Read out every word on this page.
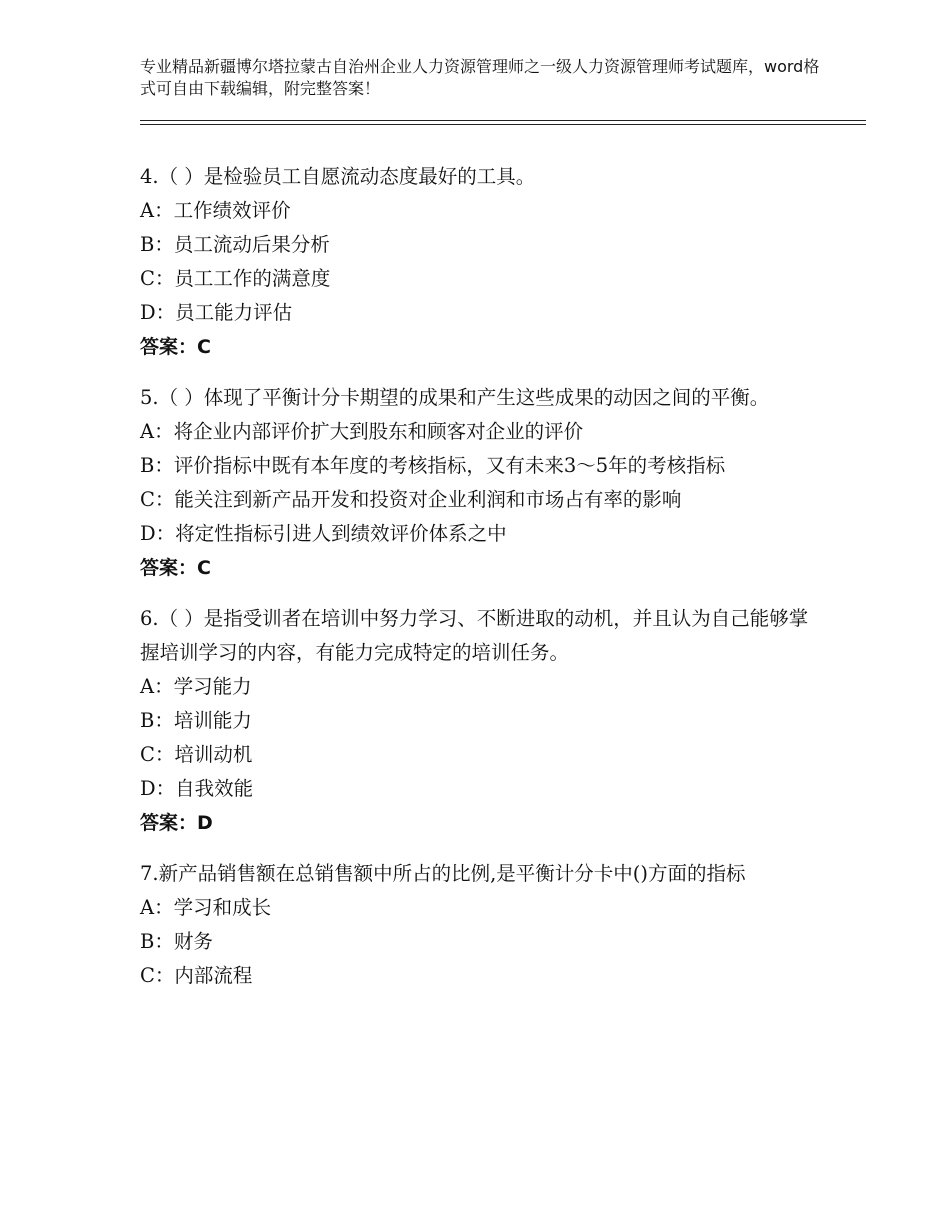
专业精品新疆博尔塔拉蒙古自治州企业人力资源管理师之一级人力资源管理师考试题库，word格式可自由下载编辑，附完整答案！
4.（ ）是检验员工自愿流动态度最好的工具。
A：工作绩效评价
B：员工流动后果分析
C：员工工作的满意度
D：员工能力评估
答案：C
5.（ ）体现了平衡计分卡期望的成果和产生这些成果的动因之间的平衡。
A：将企业内部评价扩大到股东和顾客对企业的评价
B：评价指标中既有本年度的考核指标，又有未来3～5年的考核指标
C：能关注到新产品开发和投资对企业利润和市场占有率的影响
D：将定性指标引进人到绩效评价体系之中
答案：C
6.（ ）是指受训者在培训中努力学习、不断进取的动机，并且认为自己能够掌握培训学习的内容，有能力完成特定的培训任务。
A：学习能力
B：培训能力
C：培训动机
D：自我效能
答案：D
7.新产品销售额在总销售额中所占的比例,是平衡计分卡中()方面的指标
A：学习和成长
B：财务
C：内部流程
